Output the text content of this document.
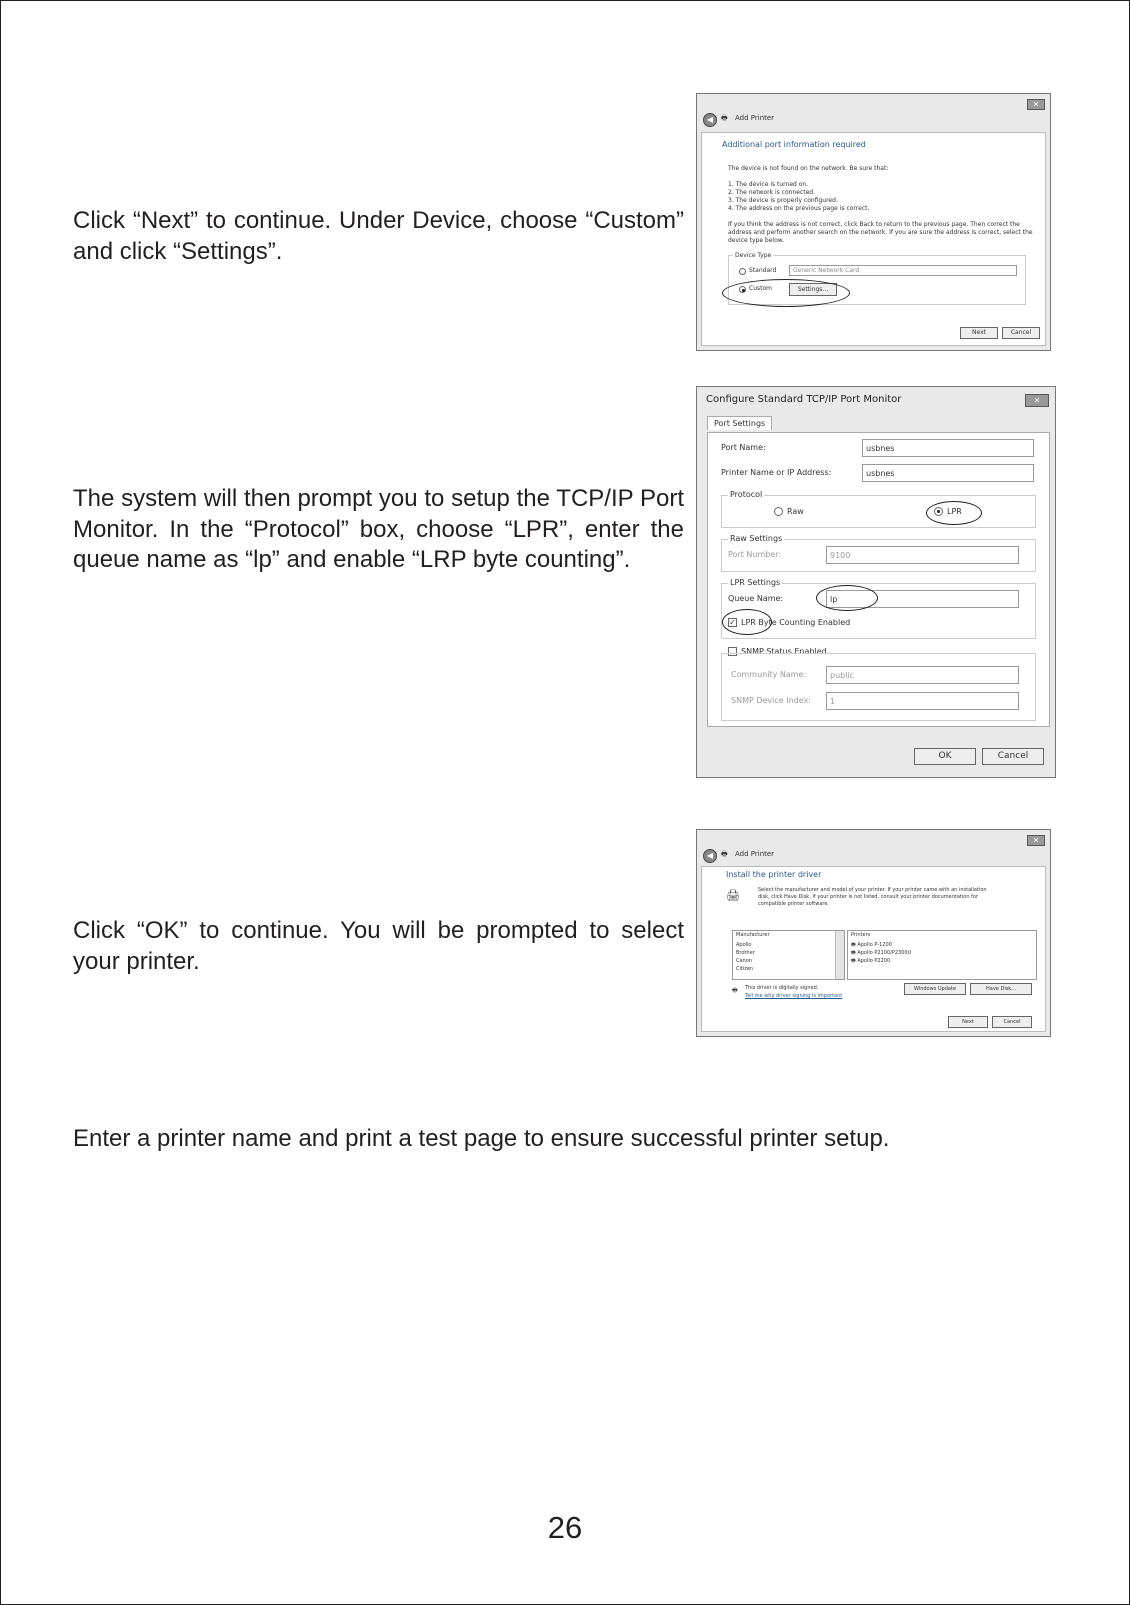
Click “Next” to continue. Under Device, choose “Custom” and click “Settings”.

✕
◀	🖶 Add Printer
Additional port information required
The device is not found on the network. Be sure that:
1. The device is turned on.
2. The network is connected.
3. The device is properly configured.
4. The address on the previous page is correct.
If you think the address is not correct, click Back to return to the previous page. Then correct the
address and perform another search on the network. If you are sure the address is correct, select the
device type below.
Device Type
Standard	Generic Network Card
Custom	Settings...
Next	Cancel

The system will then prompt you to setup the TCP/IP Port Monitor. In the “Protocol” box, choose “LPR”, enter the queue name as “lp” and enable “LRP byte counting”.

Configure Standard TCP/IP Port Monitor	✕
Port Settings
Port Name:	usbnes
Printer Name or IP Address:	usbnes
Protocol
Raw	LPR
Raw Settings
Port Number:	9100
LPR Settings
Queue Name:	lp
✓ LPR Byte Counting Enabled
SNMP Status Enabled
Community Name:	public
SNMP Device Index:	1
OK	Cancel

Click “OK” to continue. You will be prompted to select your printer.

✕
◀	🖶 Add Printer
Install the printer driver
🖨	Select the manufacturer and model of your printer. If your printer came with an installation
disk, click Have Disk. If your printer is not listed, consult your printer documentation for
compatible printer software.
Manufacturer
Apollo
Brother
Canon
Citizen
Printers
🖶 Apollo P-1200
🖶 Apollo P2100/P2300U
🖶 Apollo P2200
🖶 This driver is digitally signed.
Tell me why driver signing is important
Windows Update	Have Disk...
Next	Cancel

Enter a printer name and print a test page to ensure successful printer setup.

26
